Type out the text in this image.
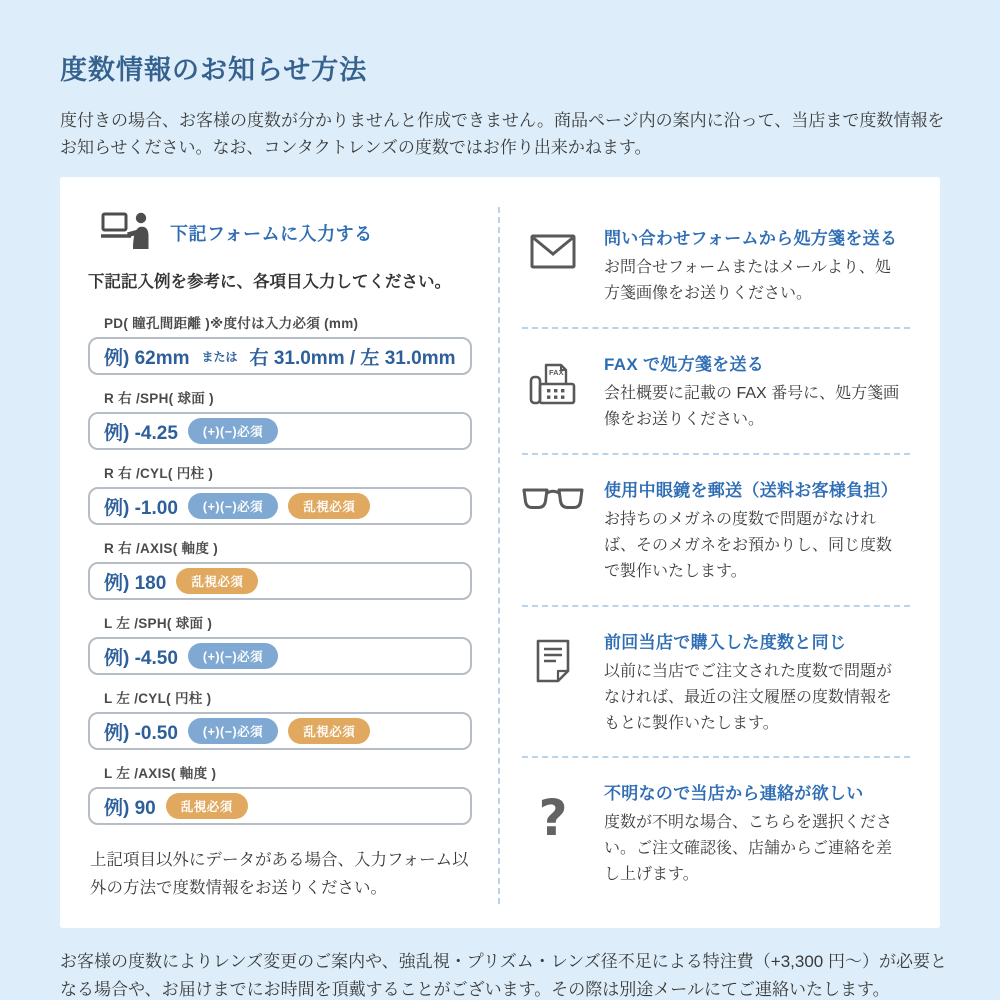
度数情報のお知らせ方法
度付きの場合、お客様の度数が分かりませんと作成できません。商品ページ内の案内に沿って、当店まで度数情報をお知らせください。なお、コンタクトレンズの度数ではお作り出来かねます。
下記フォームに入力する
下記記入例を参考に、各項目入力してください。
PD( 瞳孔間距離 )※度付は入力必須 (mm)
例) 62mm または 右 31.0mm / 左 31.0mm
R 右 /SPH( 球面 )
例) -4.25	(+)(−)必須
R 右 /CYL( 円柱 )
例) -1.00	(+)(−)必須	乱視必須
R 右 /AXIS( 軸度 )
例) 180	乱視必須
L 左 /SPH( 球面 )
例) -4.50	(+)(−)必須
L 左 /CYL( 円柱 )
例) -0.50	(+)(−)必須	乱視必須
L 左 /AXIS( 軸度 )
例) 90	乱視必須
上記項目以外にデータがある場合、入力フォーム以外の方法で度数情報をお送りください。
問い合わせフォームから処方箋を送る
お問合せフォームまたはメールより、処方箋画像をお送りください。
FAX FAX で処方箋を送る
会社概要に記載の FAX 番号に、処方箋画像をお送りください。
使用中眼鏡を郵送（送料お客様負担）
お持ちのメガネの度数で問題がなければ、そのメガネをお預かりし、同じ度数で製作いたします。
前回当店で購入した度数と同じ
以前に当店でご注文された度数で問題がなければ、最近の注文履歴の度数情報をもとに製作いたします。
? 不明なので当店から連絡が欲しい
度数が不明な場合、こちらを選択ください。ご注文確認後、店舗からご連絡を差し上げます。
お客様の度数によりレンズ変更のご案内や、強乱視・プリズム・レンズ径不足による特注費（+3,300 円～）が必要となる場合や、お届けまでにお時間を頂戴することがございます。その際は別途メールにてご連絡いたします。
